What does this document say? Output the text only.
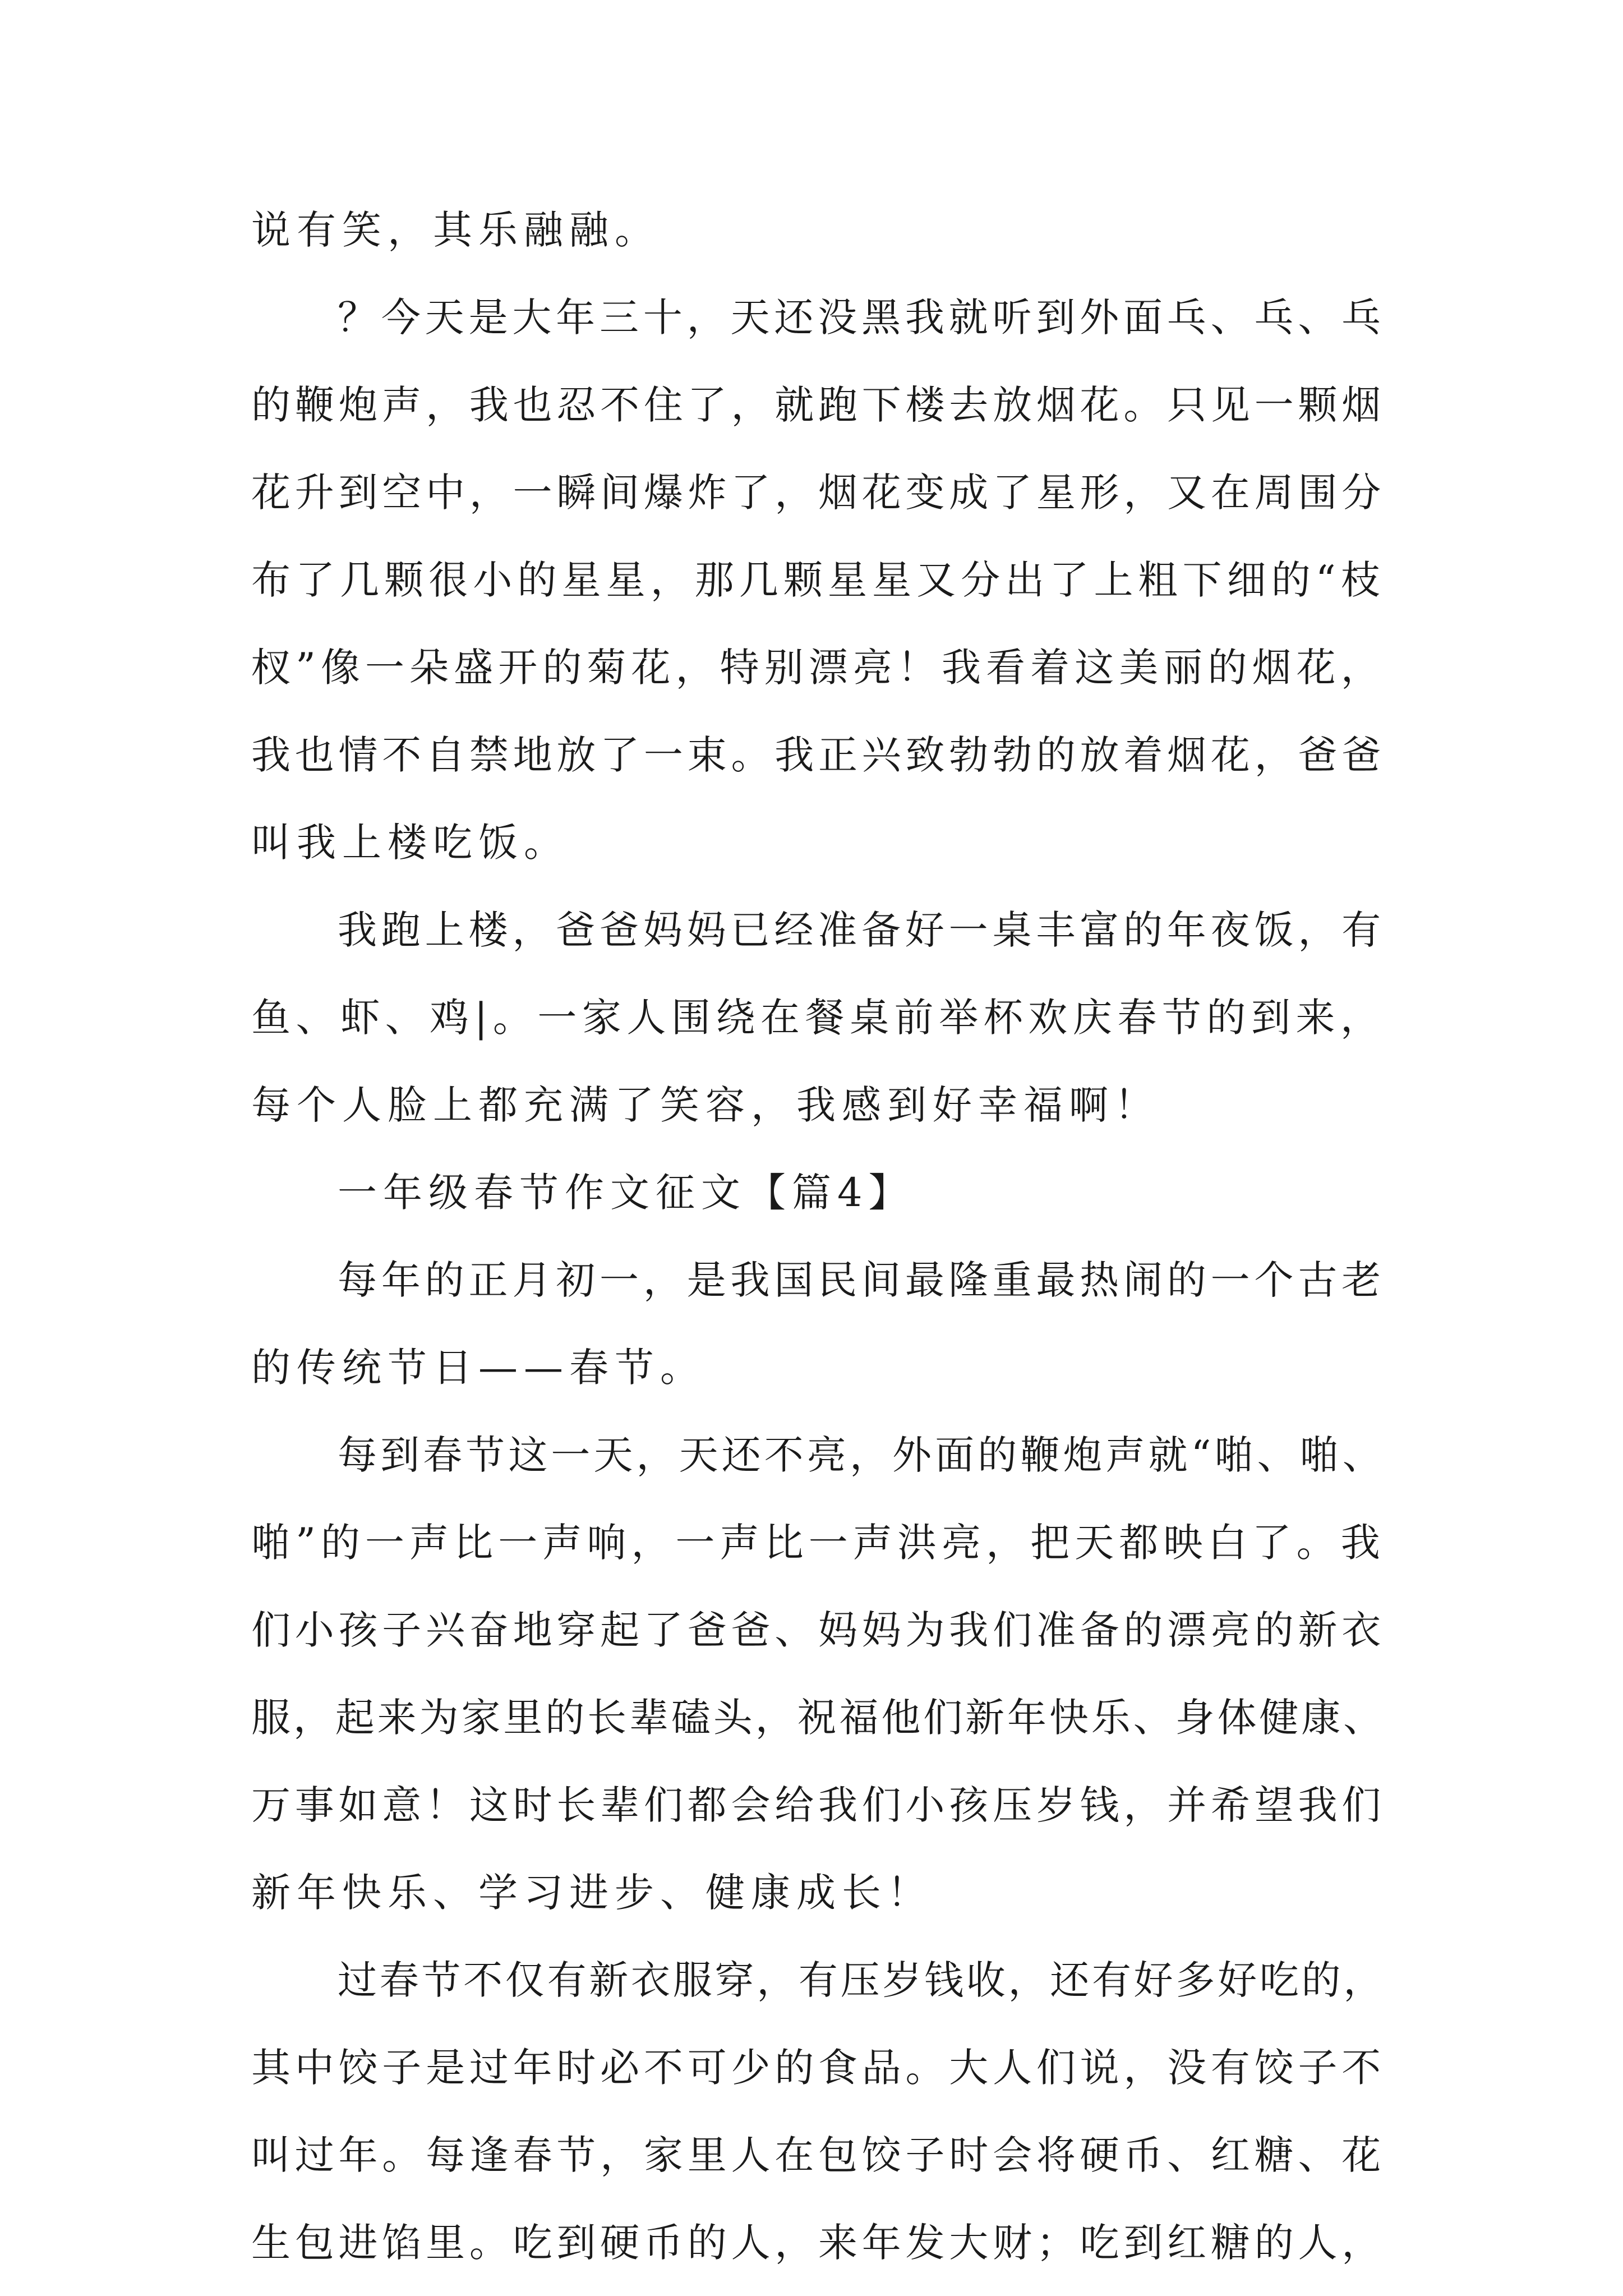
说有笑，其乐融融。
？今天是大年三十，天还没黑我就听到外面乓、乓、乓
的鞭炮声，我也忍不住了，就跑下楼去放烟花。只见一颗烟
花升到空中，一瞬间爆炸了，烟花变成了星形，又在周围分
布了几颗很小的星星，那几颗星星又分出了上粗下细的“枝
杈”像一朵盛开的菊花，特别漂亮！我看着这美丽的烟花，
我也情不自禁地放了一束。我正兴致勃勃的放着烟花，爸爸
叫我上楼吃饭。
我跑上楼，爸爸妈妈已经准备好一桌丰富的年夜饭，有
鱼、虾、鸡|。一家人围绕在餐桌前举杯欢庆春节的到来，
每个人脸上都充满了笑容，我感到好幸福啊！
一年级春节作文征文【篇4】
每年的正月初一，是我国民间最隆重最热闹的一个古老
的传统节日——春节。
每到春节这一天，天还不亮，外面的鞭炮声就“啪、啪、
啪”的一声比一声响，一声比一声洪亮，把天都映白了。我
们小孩子兴奋地穿起了爸爸、妈妈为我们准备的漂亮的新衣
服，起来为家里的长辈磕头，祝福他们新年快乐、身体健康、
万事如意！这时长辈们都会给我们小孩压岁钱，并希望我们
新年快乐、学习进步、健康成长！
过春节不仅有新衣服穿，有压岁钱收，还有好多好吃的，
其中饺子是过年时必不可少的食品。大人们说，没有饺子不
叫过年。每逢春节，家里人在包饺子时会将硬币、红糖、花
生包进馅里。吃到硬币的人，来年发大财；吃到红糖的人，
